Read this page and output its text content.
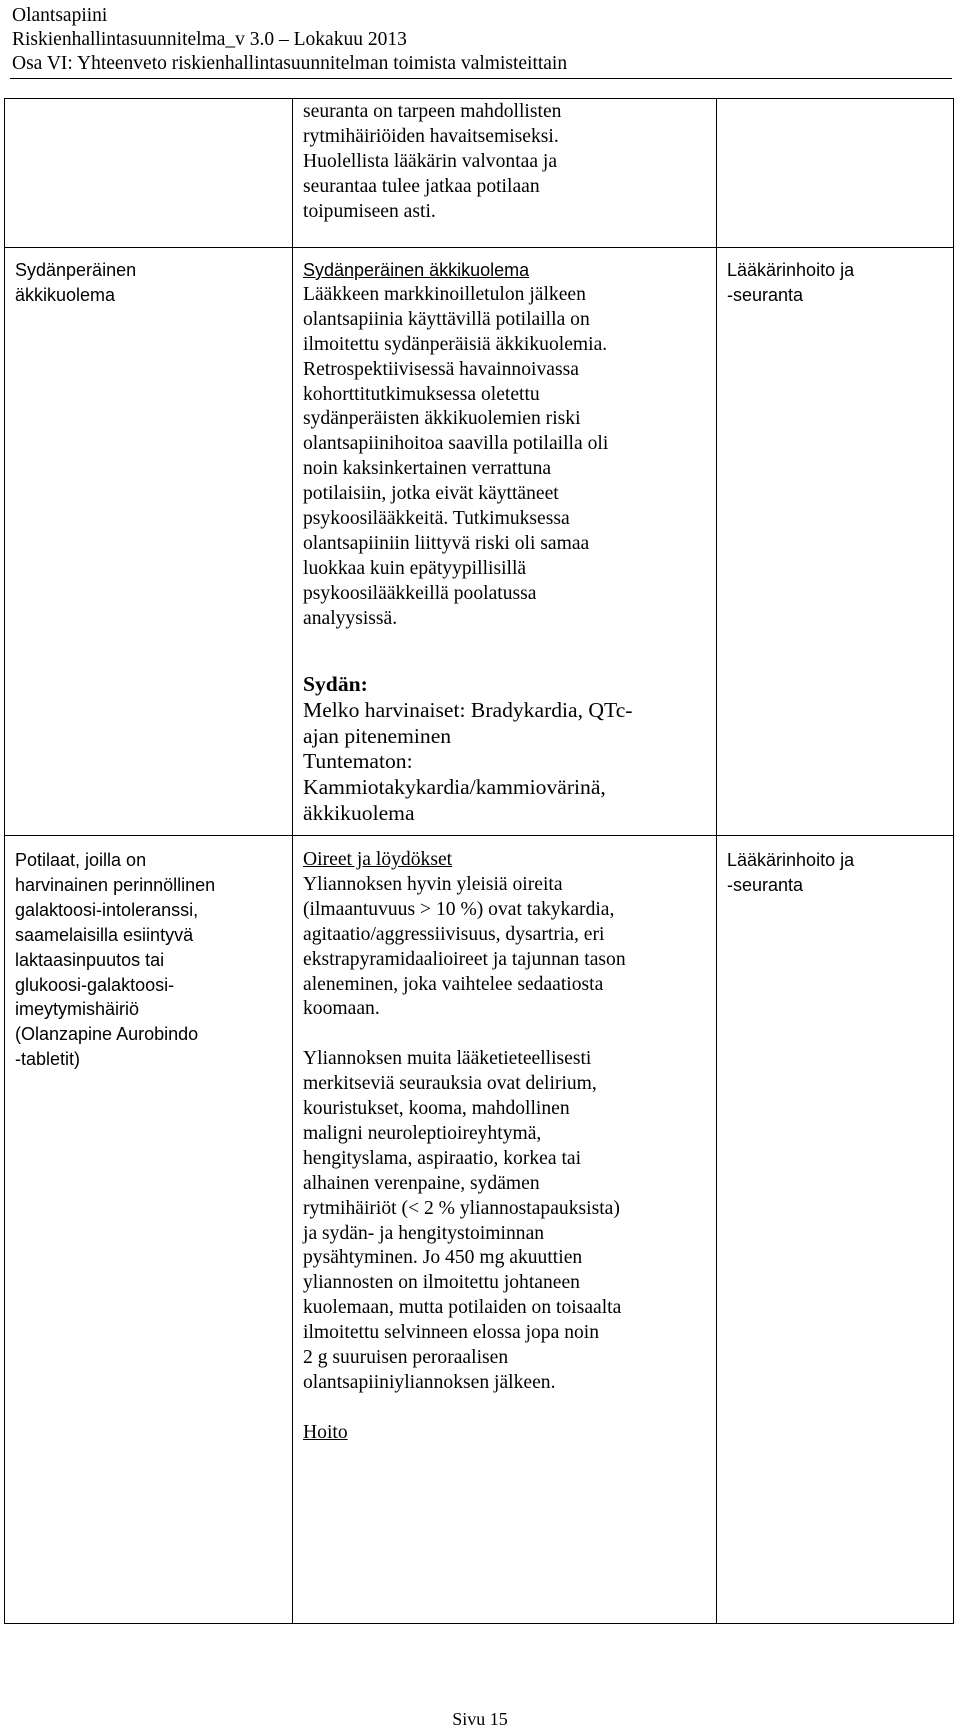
Olantsapiini
Riskienhallintasuunnitelma_v 3.0 – Lokakuu 2013
Osa VI: Yhteenveto riskienhallintasuunnitelman toimista valmisteittain

seuranta on tarpeen mahdollisten

rytmihäiriöiden havaitsemiseksi.

Huolellista lääkärin valvontaa ja

seurantaa tulee jatkaa potilaan

toipumiseen asti.

Sydänperäinen

äkkikuolema

Sydänperäinen äkkikuolema

Lääkkeen markkinoilletulon jälkeen

olantsapiinia käyttävillä potilailla on

ilmoitettu sydänperäisiä äkkikuolemia.

Retrospektiivisessä havainnoivassa

kohorttitutkimuksessa oletettu

sydänperäisten äkkikuolemien riski

olantsapiinihoitoa saavilla potilailla oli

noin kaksinkertainen verrattuna

potilaisiin, jotka eivät käyttäneet

psykoosilääkkeitä. Tutkimuksessa

olantsapiiniin liittyvä riski oli samaa

luokkaa kuin epätyypillisillä

psykoosilääkkeillä poolatussa

analyysissä.

Sydän:

Melko harvinaiset: Bradykardia, QTc-

ajan piteneminen

Tuntematon:

Kammiotakykardia/kammiovärinä,

äkkikuolema

Lääkärinhoito ja

-seuranta

Potilaat, joilla on

harvinainen perinnöllinen

galaktoosi-intoleranssi,

saamelaisilla esiintyvä

laktaasinpuutos tai

glukoosi-galaktoosi-

imeytymishäiriö

(Olanzapine Aurobindo

-tabletit)

Oireet ja löydökset

Yliannoksen hyvin yleisiä oireita

(ilmaantuvuus > 10 %) ovat takykardia,

agitaatio/aggressiivisuus, dysartria, eri

ekstrapyramidaalioireet ja tajunnan tason

aleneminen, joka vaihtelee sedaatiosta

koomaan.

Yliannoksen muita lääketieteellisesti

merkitseviä seurauksia ovat delirium,

kouristukset, kooma, mahdollinen

maligni neuroleptioireyhtymä,

hengityslama, aspiraatio, korkea tai

alhainen verenpaine, sydämen

rytmihäiriöt (< 2 % yliannostapauksista)

ja sydän- ja hengitystoiminnan

pysähtyminen. Jo 450 mg akuuttien

yliannosten on ilmoitettu johtaneen

kuolemaan, mutta potilaiden on toisaalta

ilmoitettu selvinneen elossa jopa noin

2 g suuruisen peroraalisen

olantsapiiniyliannoksen jälkeen.

Hoito

Lääkärinhoito ja

-seuranta

Sivu 15
